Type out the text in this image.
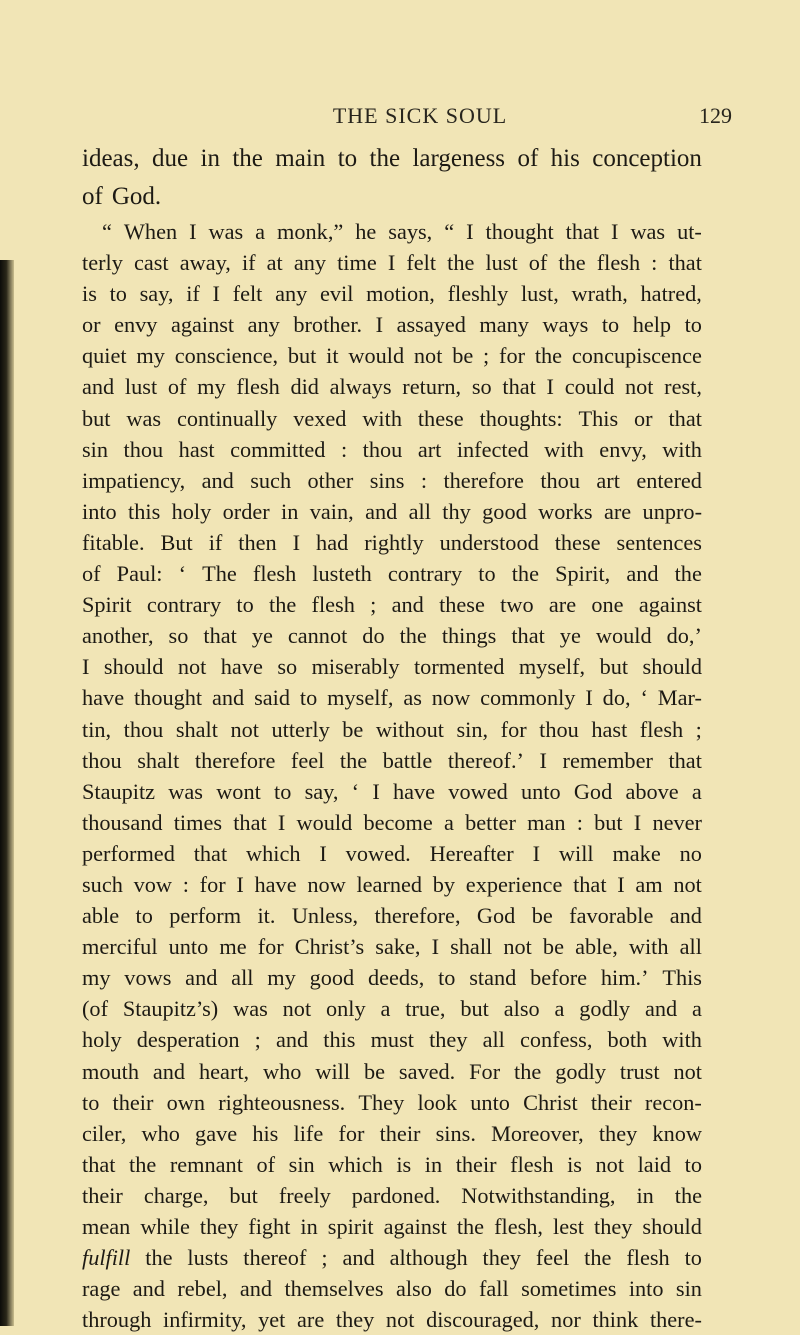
THE SICK SOUL	129
ideas, due in the main to the largeness of his conception
of God.
“ When I was a monk,” he says, “ I thought that I was ut-
terly cast away, if at any time I felt the lust of the flesh : that
is to say, if I felt any evil motion, fleshly lust, wrath, hatred,
or envy against any brother. I assayed many ways to help to
quiet my conscience, but it would not be ; for the concupiscence
and lust of my flesh did always return, so that I could not rest,
but was continually vexed with these thoughts: This or that
sin thou hast committed : thou art infected with envy, with
impatiency, and such other sins : therefore thou art entered
into this holy order in vain, and all thy good works are unpro-
fitable. But if then I had rightly understood these sentences
of Paul: ‘ The flesh lusteth contrary to the Spirit, and the
Spirit contrary to the flesh ; and these two are one against
another, so that ye cannot do the things that ye would do,’
I should not have so miserably tormented myself, but should
have thought and said to myself, as now commonly I do, ‘ Mar-
tin, thou shalt not utterly be without sin, for thou hast flesh ;
thou shalt therefore feel the battle thereof.’ I remember that
Staupitz was wont to say, ‘ I have vowed unto God above a
thousand times that I would become a better man : but I never
performed that which I vowed. Hereafter I will make no
such vow : for I have now learned by experience that I am not
able to perform it. Unless, therefore, God be favorable and
merciful unto me for Christ’s sake, I shall not be able, with all
my vows and all my good deeds, to stand before him.’ This
(of Staupitz’s) was not only a true, but also a godly and a
holy desperation ; and this must they all confess, both with
mouth and heart, who will be saved. For the godly trust not
to their own righteousness. They look unto Christ their recon-
ciler, who gave his life for their sins. Moreover, they know
that the remnant of sin which is in their flesh is not laid to
their charge, but freely pardoned. Notwithstanding, in the
mean while they fight in spirit against the flesh, lest they should
fulfill the lusts thereof ; and although they feel the flesh to
rage and rebel, and themselves also do fall sometimes into sin
through infirmity, yet are they not discouraged, nor think there-
